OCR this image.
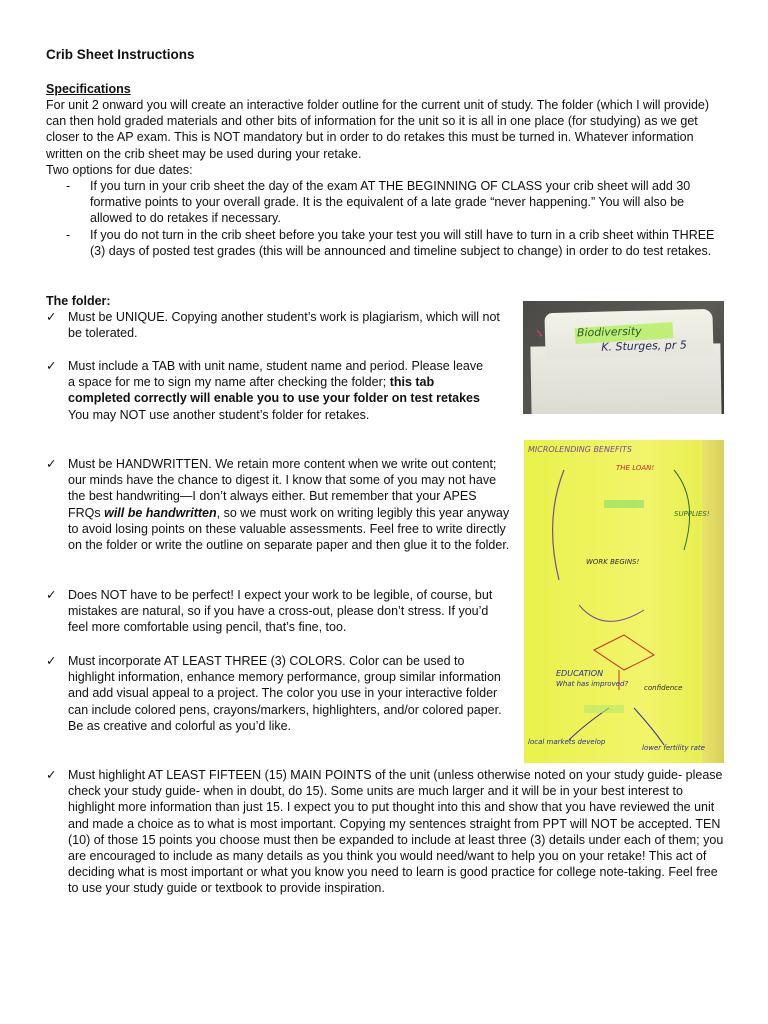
Crib Sheet Instructions
Specifications
For unit 2 onward you will create an interactive folder outline for the current unit of study. The folder (which I will provide) can then hold graded materials and other bits of information for the unit so it is all in one place (for studying) as we get closer to the AP exam. This is NOT mandatory but in order to do retakes this must be turned in. Whatever information written on the crib sheet may be used during your retake.
Two options for due dates:
- If you turn in your crib sheet the day of the exam AT THE BEGINNING OF CLASS your crib sheet will add 30 formative points to your overall grade. It is the equivalent of a late grade “never happening.” You will also be allowed to do retakes if necessary.
- If you do not turn in the crib sheet before you take your test you will still have to turn in a crib sheet within THREE (3) days of posted test grades (this will be announced and timeline subject to change) in order to do test retakes.
The folder:
✓ Must be UNIQUE. Copying another student’s work is plagiarism, which will not be tolerated.
✓ Must include a TAB with unit name, student name and period. Please leave a space for me to sign my name after checking the folder; this tab completed correctly will enable you to use your folder on test retakes You may NOT use another student’s folder for retakes.
✓ Must be HANDWRITTEN. We retain more content when we write out content; our minds have the chance to digest it. I know that some of you may not have the best handwriting—I don’t always either. But remember that your APES FRQs will be handwritten, so we must work on writing legibly this year anyway to avoid losing points on these valuable assessments. Feel free to write directly on the folder or write the outline on separate paper and then glue it to the folder.
✓ Does NOT have to be perfect! I expect your work to be legible, of course, but mistakes are natural, so if you have a cross-out, please don’t stress. If you’d feel more comfortable using pencil, that’s fine, too.
✓ Must incorporate AT LEAST THREE (3) COLORS. Color can be used to highlight information, enhance memory performance, group similar information and add visual appeal to a project. The color you use in your interactive folder can include colored pens, crayons/markers, highlighters, and/or colored paper. Be as creative and colorful as you’d like.
✓ Must highlight AT LEAST FIFTEEN (15) MAIN POINTS of the unit (unless otherwise noted on your study guide- please check your study guide- when in doubt, do 15). Some units are much larger and it will be in your best interest to highlight more information than just 15. I expect you to put thought into this and show that you have reviewed the unit and made a choice as to what is most important. Copying my sentences straight from PPT will NOT be accepted. TEN (10) of those 15 points you choose must then be expanded to include at least three (3) details under each of them; you are encouraged to include as many details as you think you would need/want to help you on your retake! This act of deciding what is most important or what you know you need to learn is good practice for college note-taking. Feel free to use your study guide or textbook to provide inspiration.
Biodiversity
K. Sturges, pr 5
✓
MICROLENDING BENEFITS
THE LOAN!
SUPPLIES!
WORK BEGINS!
EDUCATION
What has improved? confidence
local markets develop
lower fertility rate
